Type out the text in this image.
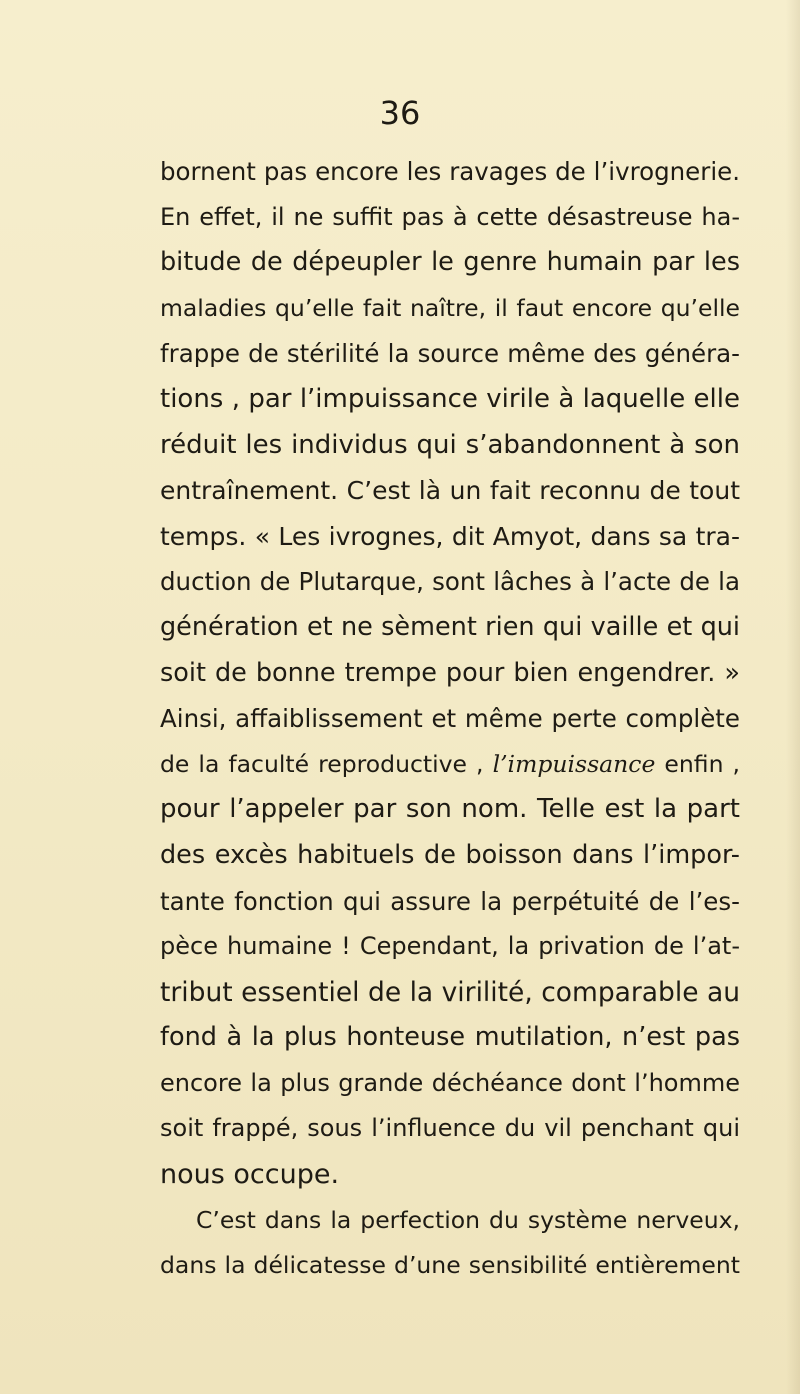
36
bornent pas encore les ravages de l’ivrognerie.
En effet, il ne suffit pas à cette désastreuse ha-
bitude de dépeupler le genre humain par les
maladies qu’elle fait naître, il faut encore qu’elle
frappe de stérilité la source même des généra-
tions , par l’impuissance virile à laquelle elle
réduit les individus qui s’abandonnent à son
entraînement. C’est là un fait reconnu de tout
temps. « Les ivrognes, dit Amyot, dans sa tra-
duction de Plutarque, sont lâches à l’acte de la
génération et ne sèment rien qui vaille et qui
soit de bonne trempe pour bien engendrer. »
Ainsi, affaiblissement et même perte complète
de la faculté reproductive , l’impuissance enfin ,
pour l’appeler par son nom. Telle est la part
des excès habituels de boisson dans l’impor-
tante fonction qui assure la perpétuité de l’es-
pèce humaine ! Cependant, la privation de l’at-
tribut essentiel de la virilité, comparable au
fond à la plus honteuse mutilation, n’est pas
encore la plus grande déchéance dont l’homme
soit frappé, sous l’influence du vil penchant qui
nous occupe.
C’est dans la perfection du système nerveux,
dans la délicatesse d’une sensibilité entièrement
